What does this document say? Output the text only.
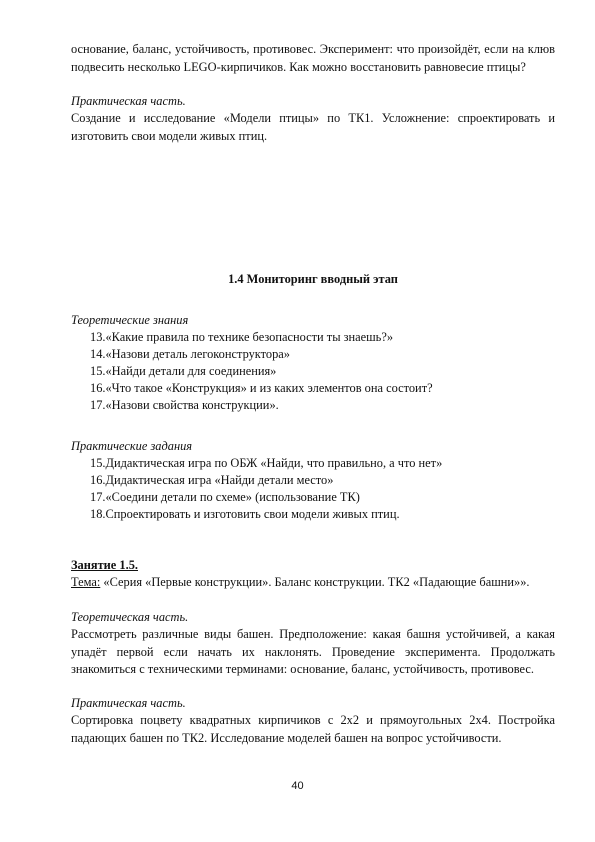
основание, баланс, устойчивость, противовес. Эксперимент: что произойдёт, если на клюв подвесить несколько LEGO-кирпичиков. Как можно восстановить равновесие птицы?
Практическая часть.
Создание и исследование «Модели птицы» по ТК1. Усложнение: спроектировать и изготовить свои модели живых птиц.
1.4 Мониторинг вводный этап
Теоретические знания
13.«Какие правила по технике безопасности ты знаешь?»
14.«Назови деталь легоконструктора»
15.«Найди детали для соединения»
16.«Что такое «Конструкция» и из каких элементов она состоит?
17.«Назови свойства конструкции».
Практические задания
15.Дидактическая игра по ОБЖ «Найди, что правильно, а что нет»
16.Дидактическая игра «Найди детали место»
17.«Соедини детали по схеме» (использование ТК)
18.Спроектировать и изготовить свои модели живых птиц.
Занятие 1.5.
Тема: «Серия «Первые конструкции». Баланс конструкции. ТК2 «Падающие башни»».
Теоретическая часть.
Рассмотреть различные виды башен. Предположение: какая башня устойчивей, а какая упадёт первой если начать их наклонять. Проведение эксперимента. Продолжать знакомиться с техническими терминами: основание, баланс, устойчивость, противовес.
Практическая часть.
Сортировка поцвету квадратных кирпичиков с 2х2 и прямоугольных 2х4. Постройка падающих башен по ТК2. Исследование моделей башен на вопрос устойчивости.
40
